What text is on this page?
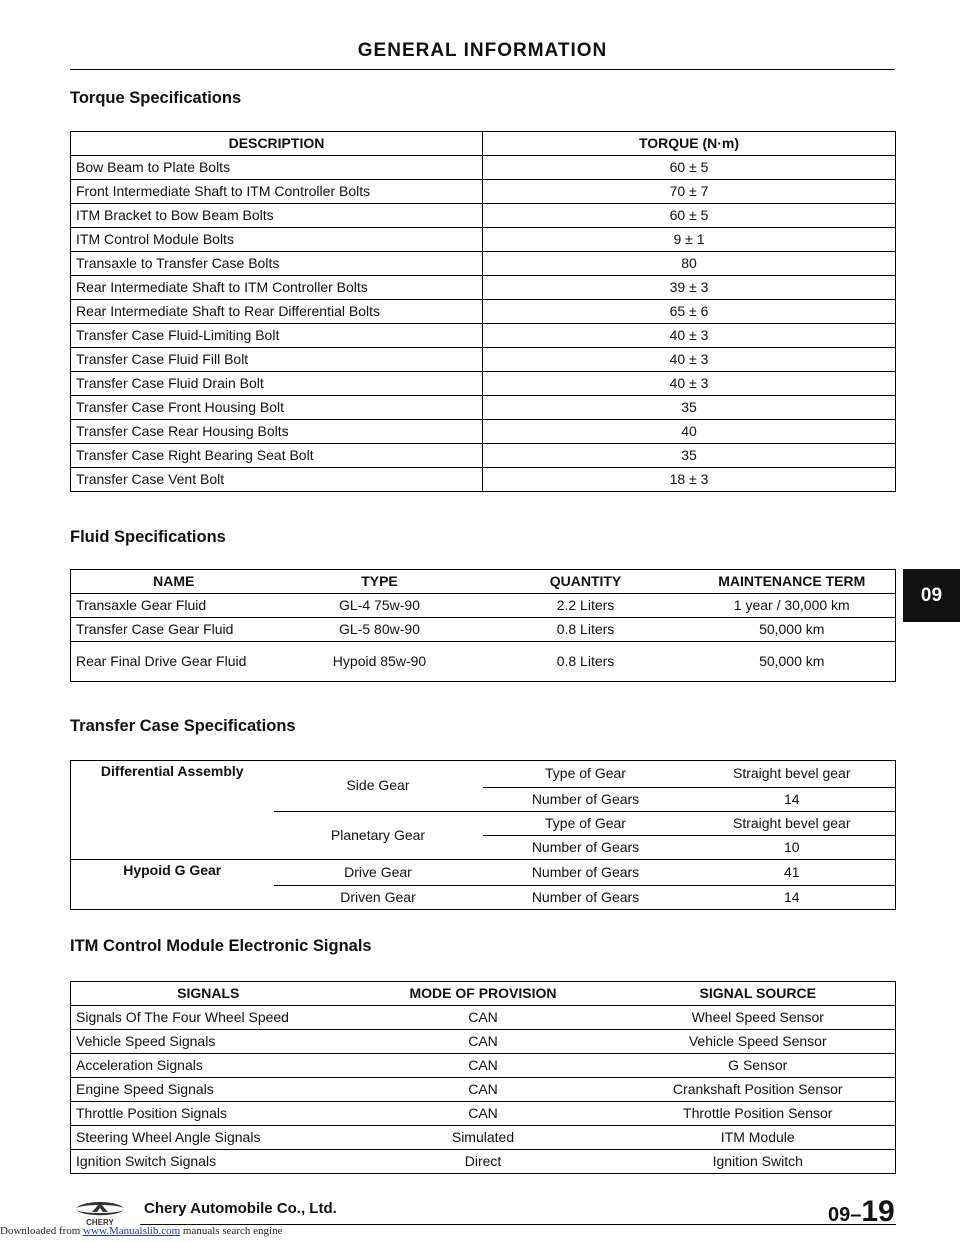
GENERAL INFORMATION
Torque Specifications
DESCRIPTION	TORQUE (N·m)
Bow Beam to Plate Bolts	60 ± 5
Front Intermediate Shaft to ITM Controller Bolts	70 ± 7
ITM Bracket to Bow Beam Bolts	60 ± 5
ITM Control Module Bolts	9 ± 1
Transaxle to Transfer Case Bolts	80
Rear Intermediate Shaft to ITM Controller Bolts	39 ± 3
Rear Intermediate Shaft to Rear Differential Bolts	65 ± 6
Transfer Case Fluid-Limiting Bolt	40 ± 3
Transfer Case Fluid Fill Bolt	40 ± 3
Transfer Case Fluid Drain Bolt	40 ± 3
Transfer Case Front Housing Bolt	35
Transfer Case Rear Housing Bolts	40
Transfer Case Right Bearing Seat Bolt	35
Transfer Case Vent Bolt	18 ± 3
Fluid Specifications
NAME	TYPE	QUANTITY	MAINTENANCE TERM
Transaxle Gear Fluid	GL-4 75w-90	2.2 Liters	1 year / 30,000 km
Transfer Case Gear Fluid	GL-5 80w-90	0.8 Liters	50,000 km
Rear Final Drive Gear Fluid	Hypoid 85w-90	0.8 Liters	50,000 km
Transfer Case Specifications
Differential Assembly	Side Gear	Type of Gear	Straight bevel gear
		Number of Gears	14
	Planetary Gear	Type of Gear	Straight bevel gear
		Number of Gears	10
Hypoid G Gear	Drive Gear	Number of Gears	41
	Driven Gear	Number of Gears	14
ITM Control Module Electronic Signals
SIGNALS	MODE OF PROVISION	SIGNAL SOURCE
Signals Of The Four Wheel Speed	CAN	Wheel Speed Sensor
Vehicle Speed Signals	CAN	Vehicle Speed Sensor
Acceleration Signals	CAN	G Sensor
Engine Speed Signals	CAN	Crankshaft Position Sensor
Throttle Position Signals	CAN	Throttle Position Sensor
Steering Wheel Angle Signals	Simulated	ITM Module
Ignition Switch Signals	Direct	Ignition Switch
09
CHERY
Chery Automobile Co., Ltd.	09–19
Downloaded from www.Manualslib.com manuals search engine
